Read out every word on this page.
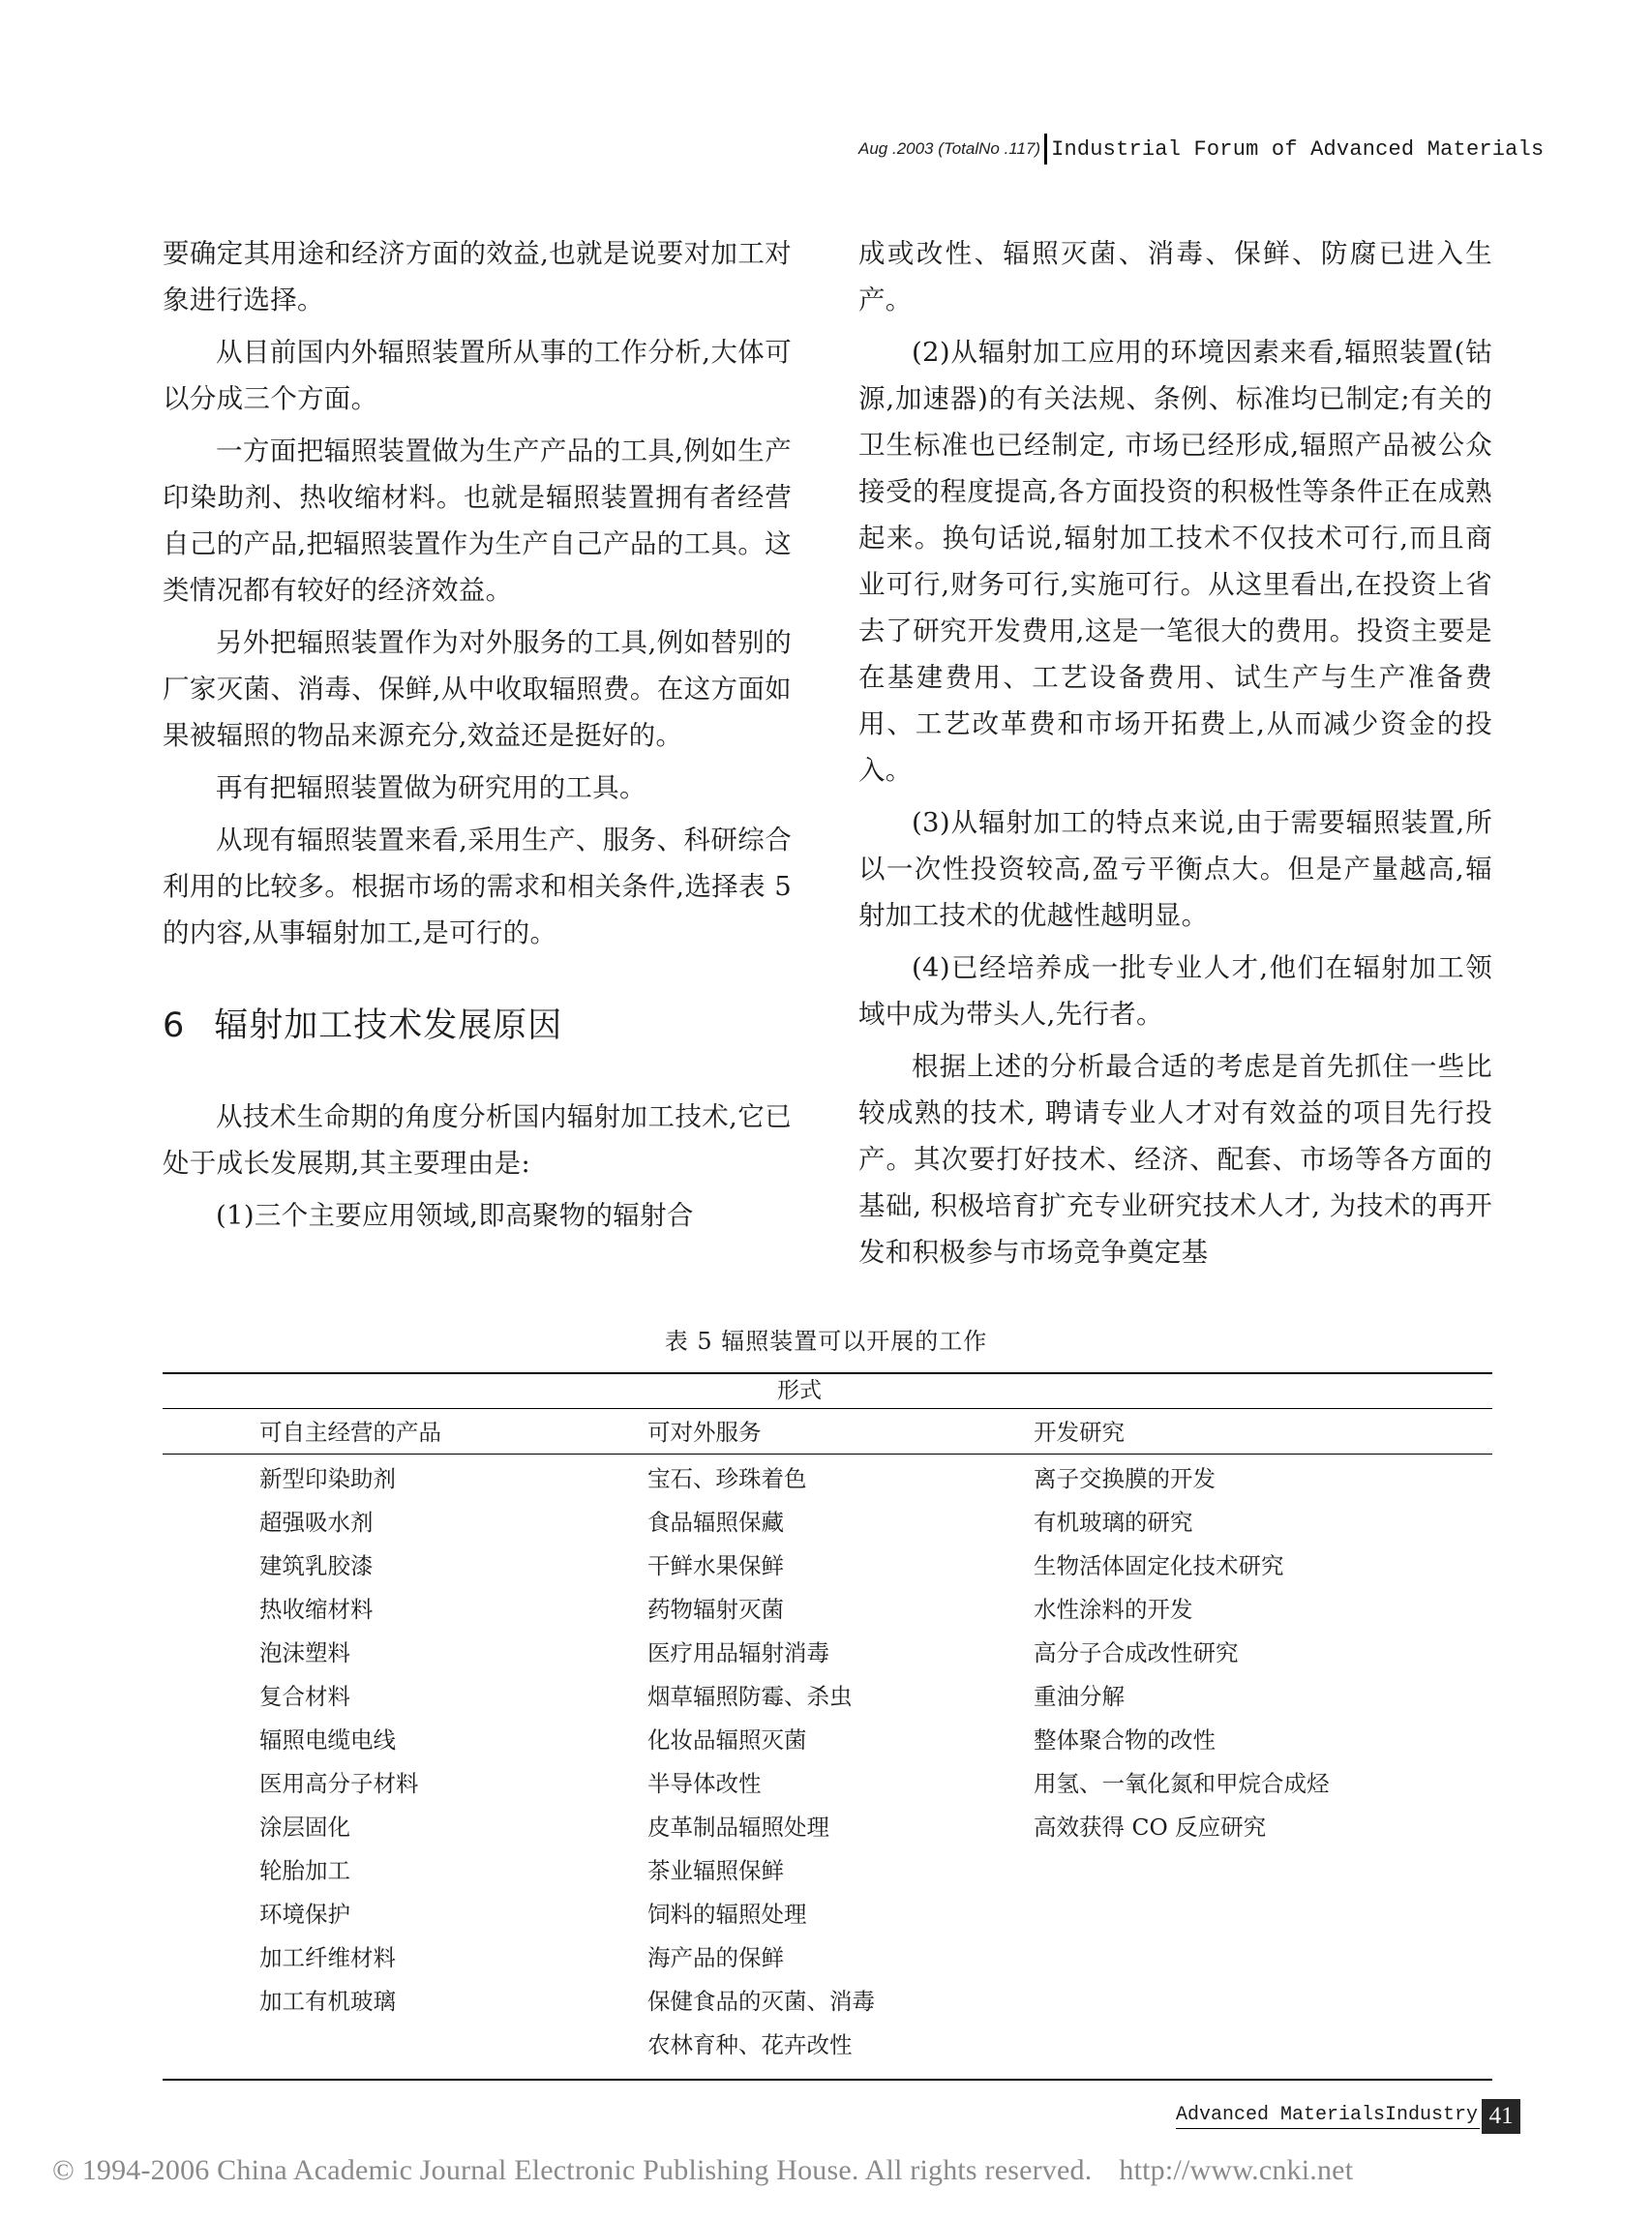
Aug .2003 (TotalNo .117) Industrial Forum of Advanced Materials

要确定其用途和经济方面的效益,也就是说要对加工对象进行选择。

从目前国内外辐照装置所从事的工作分析,大体可以分成三个方面。

一方面把辐照装置做为生产产品的工具,例如生产印染助剂、热收缩材料。也就是辐照装置拥有者经营自己的产品,把辐照装置作为生产自己产品的工具。这类情况都有较好的经济效益。

另外把辐照装置作为对外服务的工具,例如替别的厂家灭菌、消毒、保鲜,从中收取辐照费。在这方面如果被辐照的物品来源充分,效益还是挺好的。

再有把辐照装置做为研究用的工具。

从现有辐照装置来看,采用生产、服务、科研综合利用的比较多。根据市场的需求和相关条件,选择表 5 的内容,从事辐射加工,是可行的。

6 辐射加工技术发展原因

从技术生命期的角度分析国内辐射加工技术,它已处于成长发展期,其主要理由是:

(1)三个主要应用领域,即高聚物的辐射合

成或改性、辐照灭菌、消毒、保鲜、防腐已进入生产。

(2)从辐射加工应用的环境因素来看,辐照装置(钴源,加速器)的有关法规、条例、标准均已制定;有关的卫生标准也已经制定, 市场已经形成,辐照产品被公众接受的程度提高,各方面投资的积极性等条件正在成熟起来。换句话说,辐射加工技术不仅技术可行,而且商业可行,财务可行,实施可行。从这里看出,在投资上省去了研究开发费用,这是一笔很大的费用。投资主要是在基建费用、工艺设备费用、试生产与生产准备费用、工艺改革费和市场开拓费上,从而减少资金的投入。

(3)从辐射加工的特点来说,由于需要辐照装置,所以一次性投资较高,盈亏平衡点大。但是产量越高,辐射加工技术的优越性越明显。

(4)已经培养成一批专业人才,他们在辐射加工领域中成为带头人,先行者。

根据上述的分析最合适的考虑是首先抓住一些比较成熟的技术, 聘请专业人才对有效益的项目先行投产。其次要打好技术、经济、配套、市场等各方面的基础, 积极培育扩充专业研究技术人才, 为技术的再开发和积极参与市场竞争奠定基

表 5 辐照装置可以开展的工作
形式
可自主经营的产品	可对外服务	开发研究
新型印染助剂
超强吸水剂
建筑乳胶漆
热收缩材料
泡沫塑料
复合材料
辐照电缆电线
医用高分子材料
涂层固化
轮胎加工
环境保护
加工纤维材料
加工有机玻璃
宝石、珍珠着色
食品辐照保藏
干鲜水果保鲜
药物辐射灭菌
医疗用品辐射消毒
烟草辐照防霉、杀虫
化妆品辐照灭菌
半导体改性
皮革制品辐照处理
茶业辐照保鲜
饲料的辐照处理
海产品的保鲜
保健食品的灭菌、消毒
农林育种、花卉改性
离子交换膜的开发
有机玻璃的研究
生物活体固定化技术研究
水性涂料的开发
高分子合成改性研究
重油分解
整体聚合物的改性
用氢、一氧化氮和甲烷合成烃
高效获得 CO 反应研究
Advanced MaterialsIndustry 41
© 1994-2006 China Academic Journal Electronic Publishing House. All rights reserved. http://www.cnki.net
